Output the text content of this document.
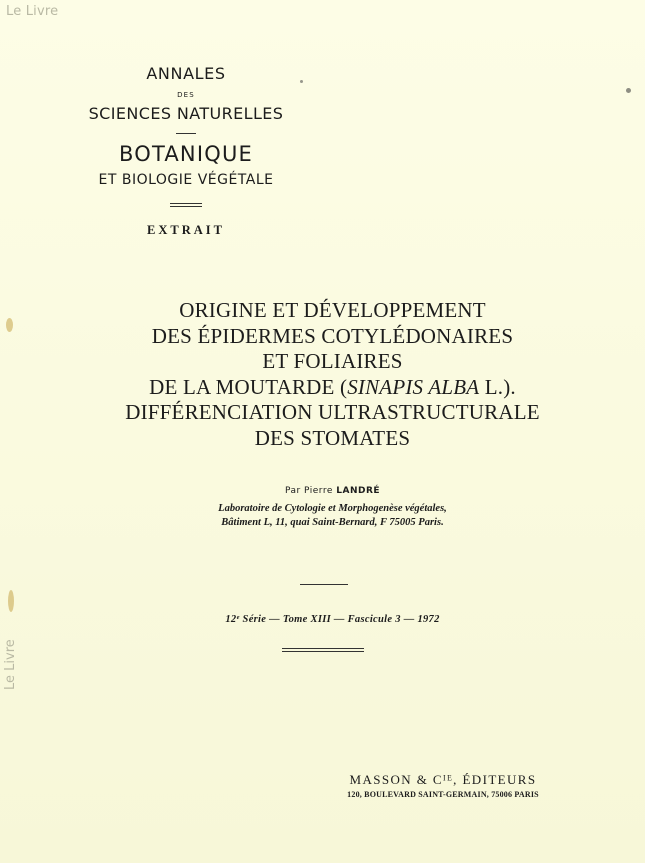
Le Livre
Le Livre
ANNALES
DES
SCIENCES NATURELLES
BOTANIQUE
ET BIOLOGIE VÉGÉTALE
EXTRAIT
ORIGINE ET DÉVELOPPEMENT
DES ÉPIDERMES COTYLÉDONAIRES
ET FOLIAIRES
DE LA MOUTARDE (SINAPIS ALBA L.).
DIFFÉRENCIATION ULTRASTRUCTURALE
DES STOMATES
Par Pierre LANDRÉ
Laboratoire de Cytologie et Morphogenèse végétales,
Bâtiment L, 11, quai Saint-Bernard, F 75005 Paris.
12ᵉ Série — Tome XIII — Fascicule 3 — 1972
MASSON & Cᴵᴱ, ÉDITEURS
120, BOULEVARD SAINT-GERMAIN, 75006 PARIS
